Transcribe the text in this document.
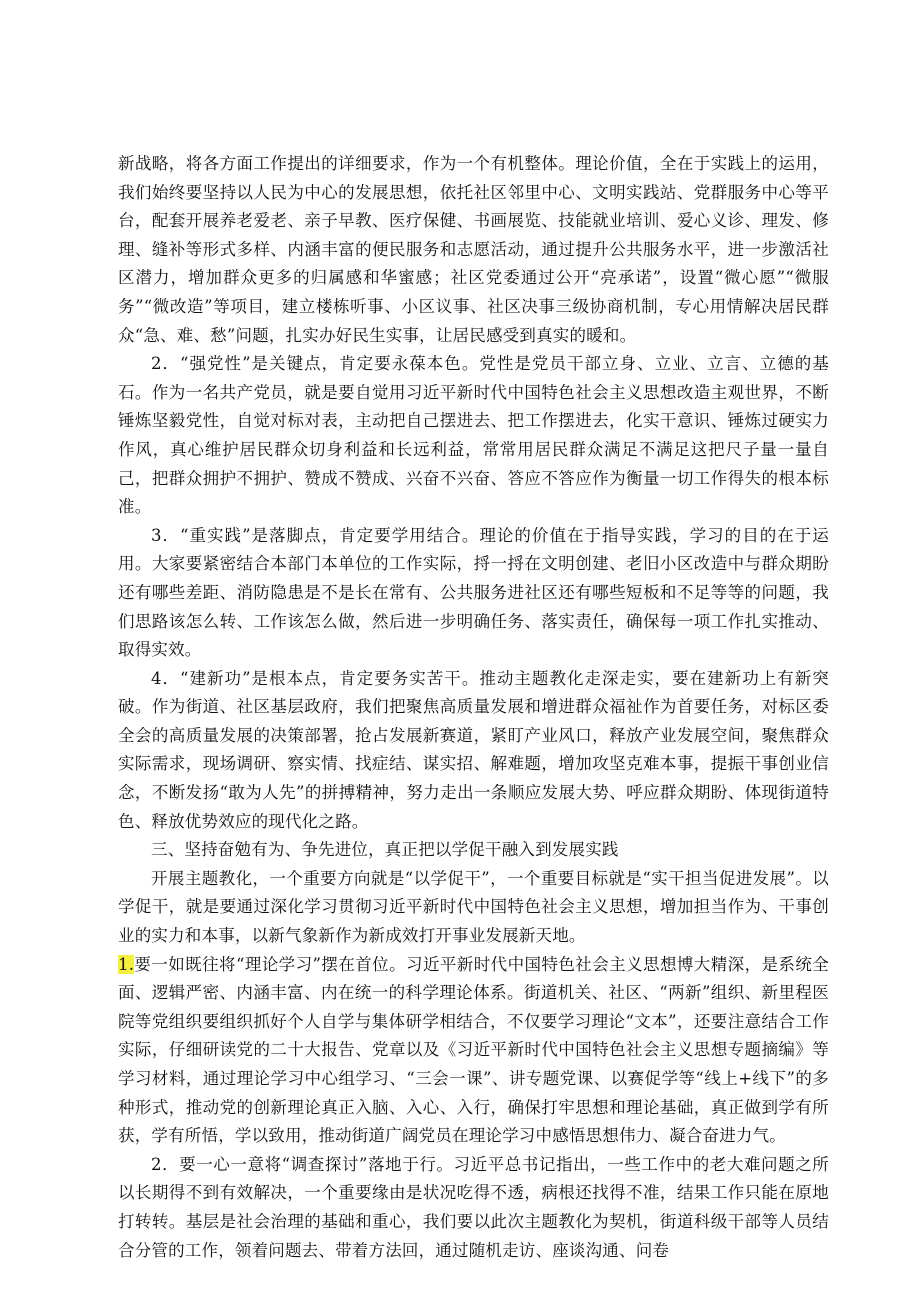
新战略，将各方面工作提出的详细要求，作为一个有机整体。理论价值，全在于实践上的运用，我们始终要坚持以人民为中心的发展思想，依托社区邻里中心、文明实践站、党群服务中心等平台，配套开展养老爱老、亲子早教、医疗保健、书画展览、技能就业培训、爱心义诊、理发、修理、缝补等形式多样、内涵丰富的便民服务和志愿活动，通过提升公共服务水平，进一步激活社区潜力，增加群众更多的归属感和华蜜感；社区党委通过公开“亮承诺”，设置“微心愿”“微服务”“微改造”等项目，建立楼栋听事、小区议事、社区决事三级协商机制，专心用情解决居民群众“急、难、愁”问题，扎实办好民生实事，让居民感受到真实的暖和。

2．“强党性”是关键点，肯定要永葆本色。党性是党员干部立身、立业、立言、立德的基石。作为一名共产党员，就是要自觉用习近平新时代中国特色社会主义思想改造主观世界，不断锤炼坚毅党性，自觉对标对表，主动把自己摆进去、把工作摆进去，化实干意识、锤炼过硬实力作风，真心维护居民群众切身利益和长远利益，常常用居民群众满足不满足这把尺子量一量自己，把群众拥护不拥护、赞成不赞成、兴奋不兴奋、答应不答应作为衡量一切工作得失的根本标准。

3．“重实践”是落脚点，肯定要学用结合。理论的价值在于指导实践，学习的目的在于运用。大家要紧密结合本部门本单位的工作实际，捋一捋在文明创建、老旧小区改造中与群众期盼还有哪些差距、消防隐患是不是长在常有、公共服务进社区还有哪些短板和不足等等的问题，我们思路该怎么转、工作该怎么做，然后进一步明确任务、落实责任，确保每一项工作扎实推动、取得实效。

4．“建新功”是根本点，肯定要务实苦干。推动主题教化走深走实，要在建新功上有新突破。作为街道、社区基层政府，我们把聚焦高质量发展和增进群众福祉作为首要任务，对标区委全会的高质量发展的决策部署，抢占发展新赛道，紧盯产业风口，释放产业发展空间，聚焦群众实际需求，现场调研、察实情、找症结、谋实招、解难题，增加攻坚克难本事，提振干事创业信念，不断发扬“敢为人先”的拼搏精神，努力走出一条顺应发展大势、呼应群众期盼、体现街道特色、释放优势效应的现代化之路。

三、坚持奋勉有为、争先进位，真正把以学促干融入到发展实践

开展主题教化，一个重要方向就是“以学促干”，一个重要目标就是“实干担当促进发展”。以学促干，就是要通过深化学习贯彻习近平新时代中国特色社会主义思想，增加担当作为、干事创业的实力和本事，以新气象新作为新成效打开事业发展新天地。

1.要一如既往将“理论学习”摆在首位。习近平新时代中国特色社会主义思想博大精深，是系统全面、逻辑严密、内涵丰富、内在统一的科学理论体系。街道机关、社区、“两新”组织、新里程医院等党组织要组织抓好个人自学与集体研学相结合，不仅要学习理论“文本”，还要注意结合工作实际，仔细研读党的二十大报告、党章以及《习近平新时代中国特色社会主义思想专题摘编》等学习材料，通过理论学习中心组学习、“三会一课”、讲专题党课、以赛促学等“线上+线下”的多种形式，推动党的创新理论真正入脑、入心、入行，确保打牢思想和理论基础，真正做到学有所获，学有所悟，学以致用，推动街道广阔党员在理论学习中感悟思想伟力、凝合奋进力气。

2．要一心一意将“调查探讨”落地于行。习近平总书记指出，一些工作中的老大难问题之所以长期得不到有效解决，一个重要缘由是状况吃得不透，病根还找得不准，结果工作只能在原地打转转。基层是社会治理的基础和重心，我们要以此次主题教化为契机，街道科级干部等人员结合分管的工作，领着问题去、带着方法回，通过随机走访、座谈沟通、问卷
